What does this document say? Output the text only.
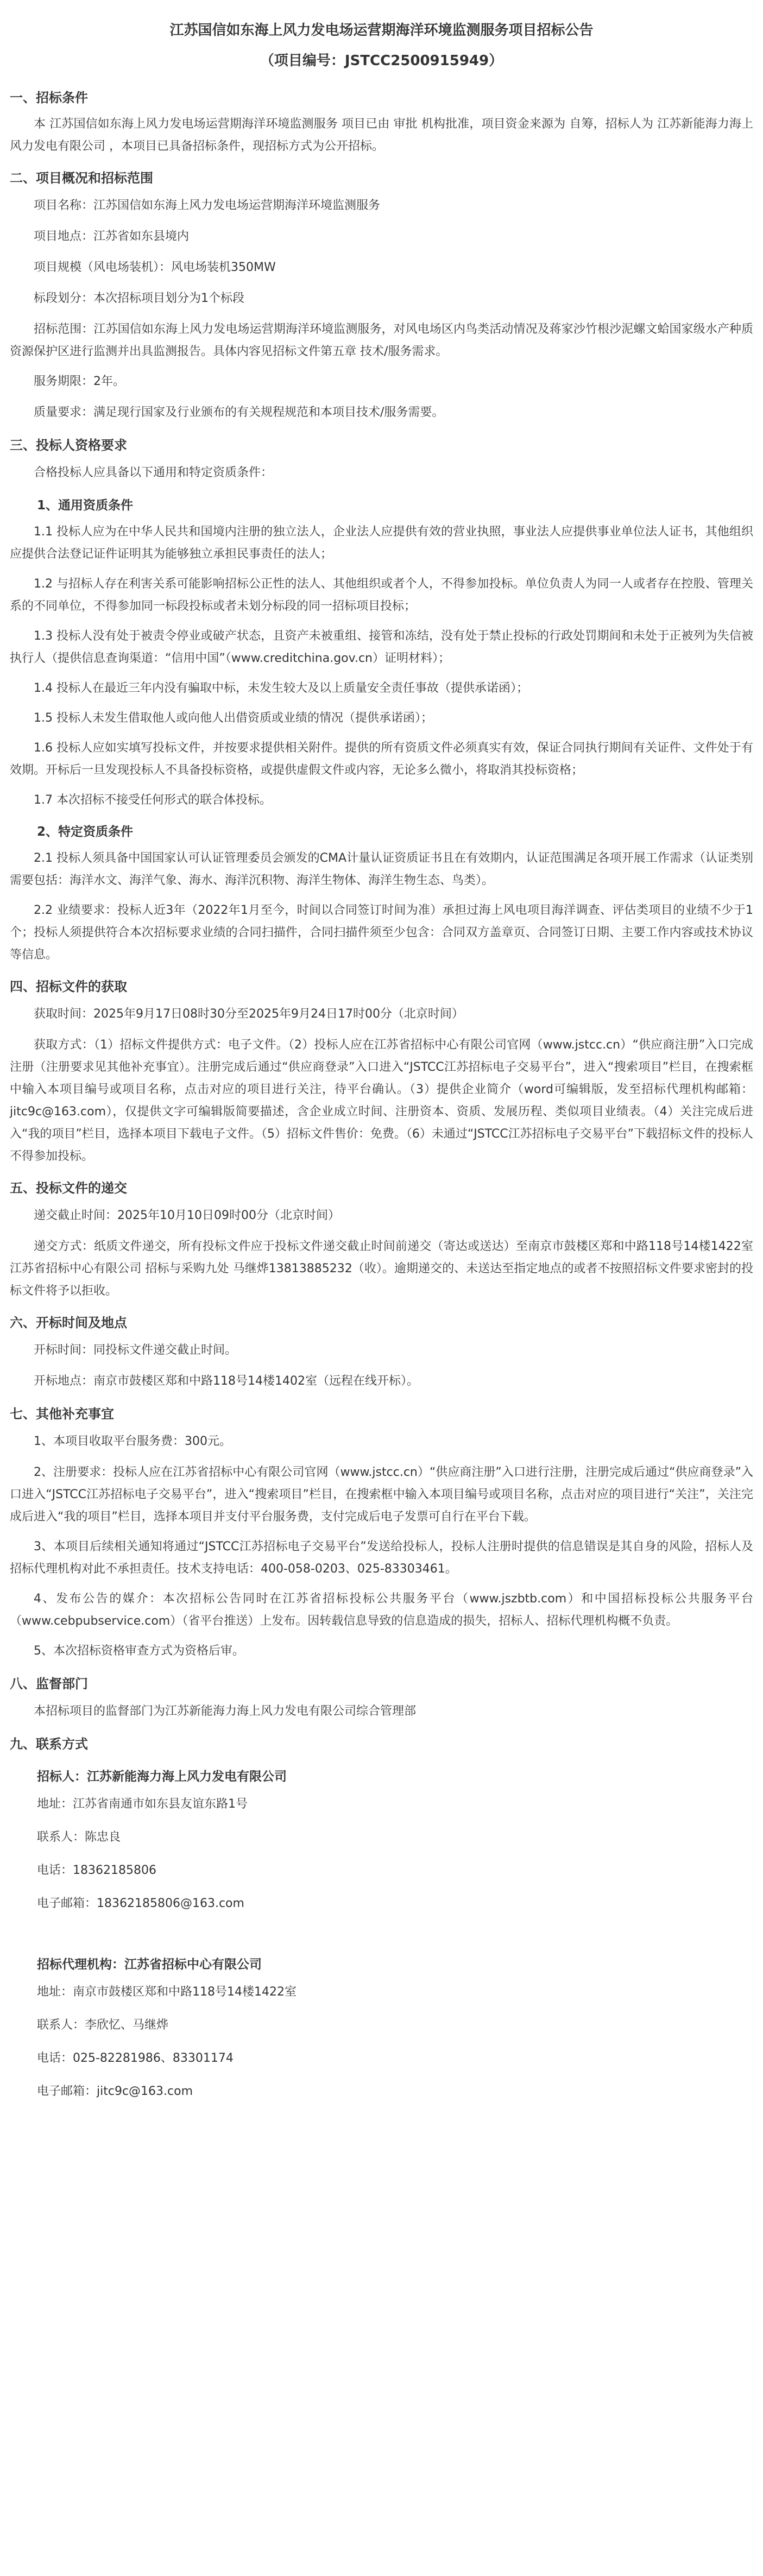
江苏国信如东海上风力发电场运营期海洋环境监测服务项目招标公告
（项目编号：JSTCC2500915949）
一、招标条件

本 江苏国信如东海上风力发电场运营期海洋环境监测服务 项目已由 审批 机构批准，项目资金来源为 自筹，招标人为 江苏新能海力海上风力发电有限公司 ，本项目已具备招标条件，现招标方式为公开招标。

二、项目概况和招标范围

项目名称：江苏国信如东海上风力发电场运营期海洋环境监测服务

项目地点：江苏省如东县境内

项目规模（风电场装机）：风电场装机350MW

标段划分：本次招标项目划分为1个标段

招标范围：江苏国信如东海上风力发电场运营期海洋环境监测服务，对风电场区内鸟类活动情况及蒋家沙竹根沙泥螺文蛤国家级水产种质资源保护区进行监测并出具监测报告。具体内容见招标文件第五章 技术/服务需求。

服务期限：2年。

质量要求：满足现行国家及行业颁布的有关规程规范和本项目技术/服务需要。

三、投标人资格要求

合格投标人应具备以下通用和特定资质条件：

1、通用资质条件

1.1 投标人应为在中华人民共和国境内注册的独立法人，企业法人应提供有效的营业执照，事业法人应提供事业单位法人证书，其他组织应提供合法登记证件证明其为能够独立承担民事责任的法人；

1.2 与招标人存在利害关系可能影响招标公正性的法人、其他组织或者个人，不得参加投标。单位负责人为同一人或者存在控股、管理关系的不同单位，不得参加同一标段投标或者未划分标段的同一招标项目投标；

1.3 投标人没有处于被责令停业或破产状态，且资产未被重组、接管和冻结，没有处于禁止投标的行政处罚期间和未处于正被列为失信被执行人（提供信息查询渠道：“信用中国”（www.creditchina.gov.cn）证明材料）；

1.4 投标人在最近三年内没有骗取中标，未发生较大及以上质量安全责任事故（提供承诺函）；

1.5 投标人未发生借取他人或向他人出借资质或业绩的情况（提供承诺函）；

1.6 投标人应如实填写投标文件，并按要求提供相关附件。提供的所有资质文件必须真实有效，保证合同执行期间有关证件、文件处于有效期。开标后一旦发现投标人不具备投标资格，或提供虚假文件或内容，无论多么微小，将取消其投标资格；

1.7 本次招标不接受任何形式的联合体投标。

2、特定资质条件

2.1 投标人须具备中国国家认可认证管理委员会颁发的CMA计量认证资质证书且在有效期内，认证范围满足各项开展工作需求（认证类别需要包括：海洋水文、海洋气象、海水、海洋沉积物、海洋生物体、海洋生物生态、鸟类）。

2.2 业绩要求：投标人近3年（2022年1月至今，时间以合同签订时间为准）承担过海上风电项目海洋调查、评估类项目的业绩不少于1个；投标人须提供符合本次招标要求业绩的合同扫描件，合同扫描件须至少包含：合同双方盖章页、合同签订日期、主要工作内容或技术协议等信息。

四、招标文件的获取

获取时间：2025年9月17日08时30分至2025年9月24日17时00分（北京时间）

获取方式：（1）招标文件提供方式：电子文件。（2）投标人应在江苏省招标中心有限公司官网（www.jstcc.cn）“供应商注册”入口完成注册（注册要求见其他补充事宜）。注册完成后通过“供应商登录”入口进入“JSTCC江苏招标电子交易平台”，进入“搜索项目”栏目，在搜索框中输入本项目编号或项目名称，点击对应的项目进行关注，待平台确认。（3）提供企业简介（word可编辑版，发至招标代理机构邮箱：jitc9c@163.com），仅提供文字可编辑版简要描述，含企业成立时间、注册资本、资质、发展历程、类似项目业绩表。（4）关注完成后进入“我的项目”栏目，选择本项目下载电子文件。（5）招标文件售价：免费。（6）未通过“JSTCC江苏招标电子交易平台”下载招标文件的投标人不得参加投标。

五、投标文件的递交

递交截止时间：2025年10月10日09时00分（北京时间）

递交方式：纸质文件递交，所有投标文件应于投标文件递交截止时间前递交（寄达或送达）至南京市鼓楼区郑和中路118号14楼1422室 江苏省招标中心有限公司 招标与采购九处 马继烨13813885232（收）。逾期递交的、未送达至指定地点的或者不按照招标文件要求密封的投标文件将予以拒收。

六、开标时间及地点

开标时间：同投标文件递交截止时间。

开标地点：南京市鼓楼区郑和中路118号14楼1402室（远程在线开标）。

七、其他补充事宜

1、本项目收取平台服务费：300元。

2、注册要求：投标人应在江苏省招标中心有限公司官网（www.jstcc.cn）“供应商注册”入口进行注册，注册完成后通过“供应商登录”入口进入“JSTCC江苏招标电子交易平台”，进入“搜索项目”栏目，在搜索框中输入本项目编号或项目名称，点击对应的项目进行“关注”，关注完成后进入“我的项目”栏目，选择本项目并支付平台服务费，支付完成后电子发票可自行在平台下载。

3、本项目后续相关通知将通过“JSTCC江苏招标电子交易平台”发送给投标人，投标人注册时提供的信息错误是其自身的风险，招标人及招标代理机构对此不承担责任。技术支持电话：400-058-0203、025-83303461。

4、发布公告的媒介：本次招标公告同时在江苏省招标投标公共服务平台（www.jszbtb.com）和中国招标投标公共服务平台（www.cebpubservice.com）（省平台推送）上发布。因转载信息导致的信息造成的损失，招标人、招标代理机构概不负责。

5、本次招标资格审查方式为资格后审。

八、监督部门

本招标项目的监督部门为江苏新能海力海上风力发电有限公司综合管理部

九、联系方式
招标人：江苏新能海力海上风力发电有限公司
地址：江苏省南通市如东县友谊东路1号
联系人：陈忠良
电话：18362185806
电子邮箱：18362185806@163.com
招标代理机构：江苏省招标中心有限公司
地址：南京市鼓楼区郑和中路118号14楼1422室
联系人：李欣忆、马继烨
电话：025-82281986、83301174
电子邮箱：jitc9c@163.com
